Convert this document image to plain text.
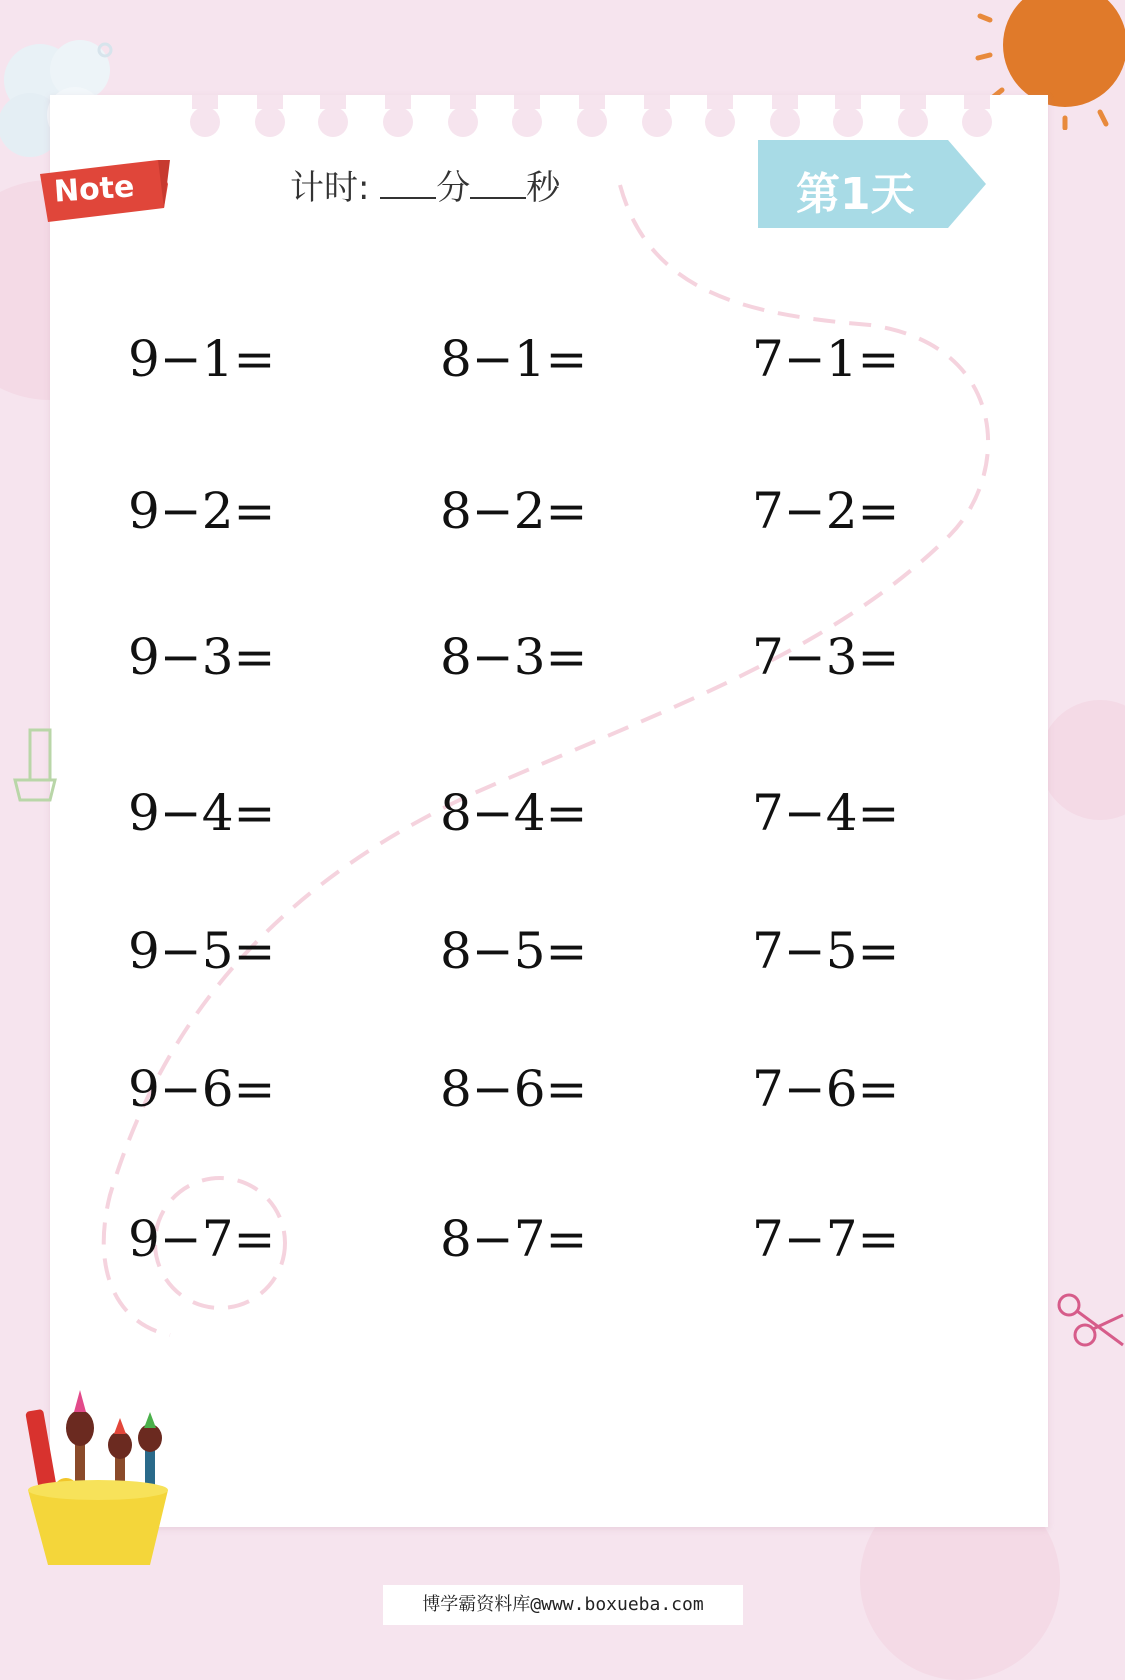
Note	计时: 分 秒	第1天
9−1=	8−1=	7−1=
9−2=	8−2=	7−2=
9−3=	8−3=	7−3=
9−4=	8−4=	7−4=
9−5=	8−5=	7−5=
9−6=	8−6=	7−6=
9−7=	8−7=	7−7=
博学霸资料库@www.boxueba.com
